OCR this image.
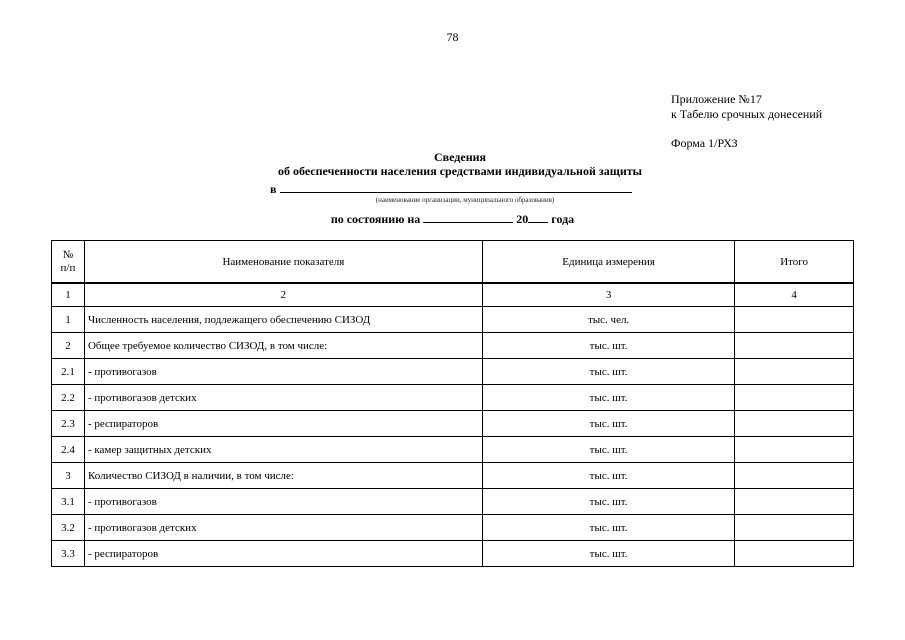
78
Приложение №17
к Табелю срочных донесений
Форма 1/РХЗ
Сведения
об обеспеченности населения средствами индивидуальной защиты
в
(наименование организации, муниципального образования)
по состоянию на	20 года
№
п/п	Наименование показателя	Единица измерения	Итого
1	2	3	4
1	Численность населения, подлежащего обеспечению СИЗОД	тыс. чел.	
2	Общее требуемое количество СИЗОД, в том числе:	тыс. шт.	
2.1	- противогазов	тыс. шт.	
2.2	- противогазов детских	тыс. шт.	
2.3	- респираторов	тыс. шт.	
2.4	- камер защитных детских	тыс. шт.	
3	Количество СИЗОД в наличии, в том числе:	тыс. шт.	
3.1	- противогазов	тыс. шт.	
3.2	- противогазов детских	тыс. шт.	
3.3	- респираторов	тыс. шт.	
